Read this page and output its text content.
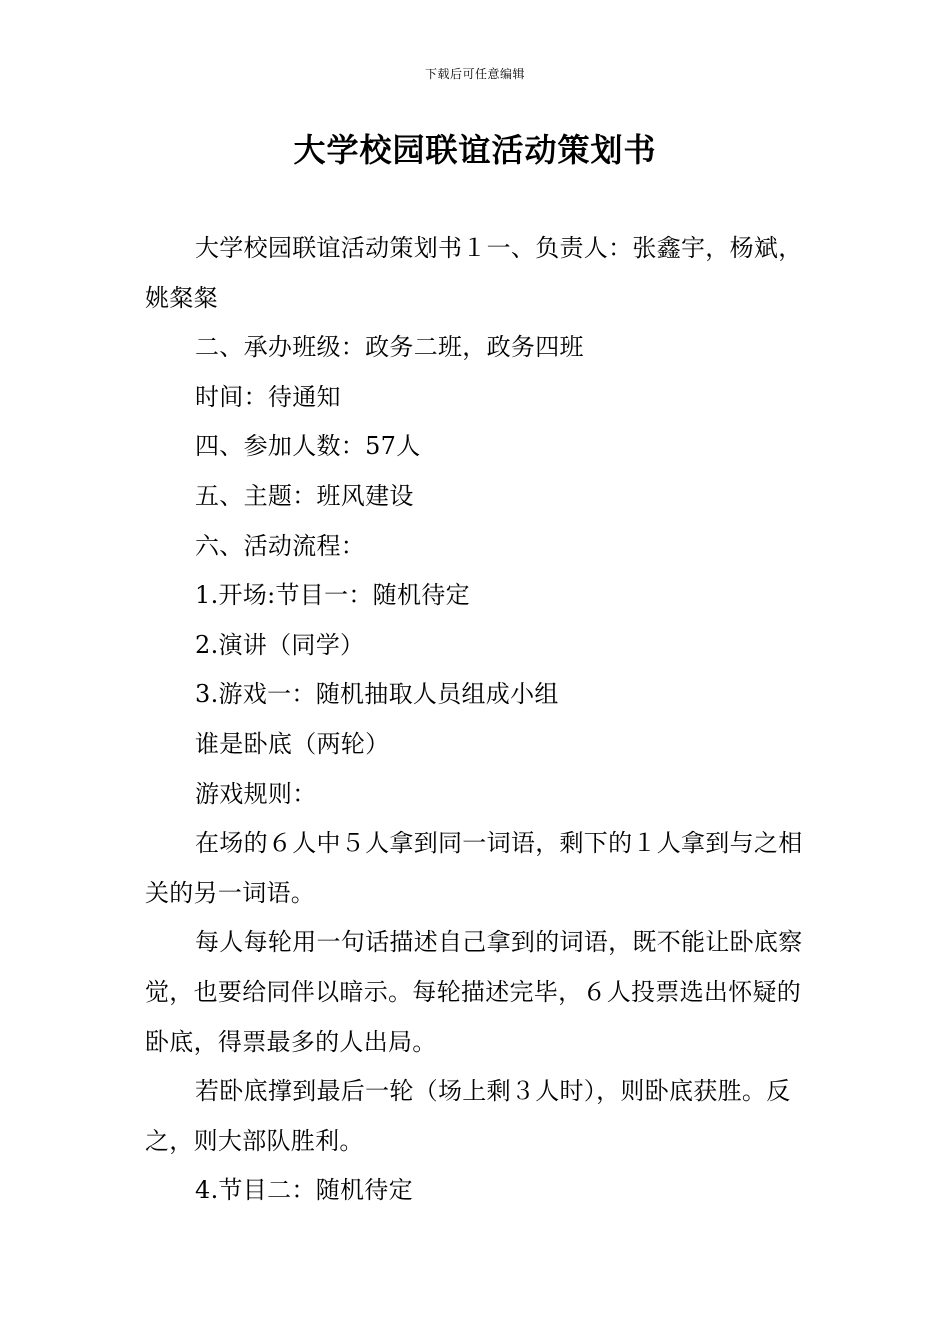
下载后可任意编辑
大学校园联谊活动策划书

大学校园联谊活动策划书１一、负责人：张鑫宇，杨斌，姚粲粲

二、承办班级：政务二班，政务四班

时间：待通知

四、参加人数：57人

五、主题：班风建设

六、活动流程：

1.开场:节目一：随机待定

2.演讲（同学）

3.游戏一：随机抽取人员组成小组

谁是卧底（两轮）

游戏规则：

在场的６人中５人拿到同一词语，剩下的１人拿到与之相关的另一词语。

每人每轮用一句话描述自己拿到的词语，既不能让卧底察觉，也要给同伴以暗示。每轮描述完毕，６人投票选出怀疑的卧底，得票最多的人出局。

若卧底撑到最后一轮（场上剩３人时），则卧底获胜。反之，则大部队胜利。

4.节目二：随机待定
